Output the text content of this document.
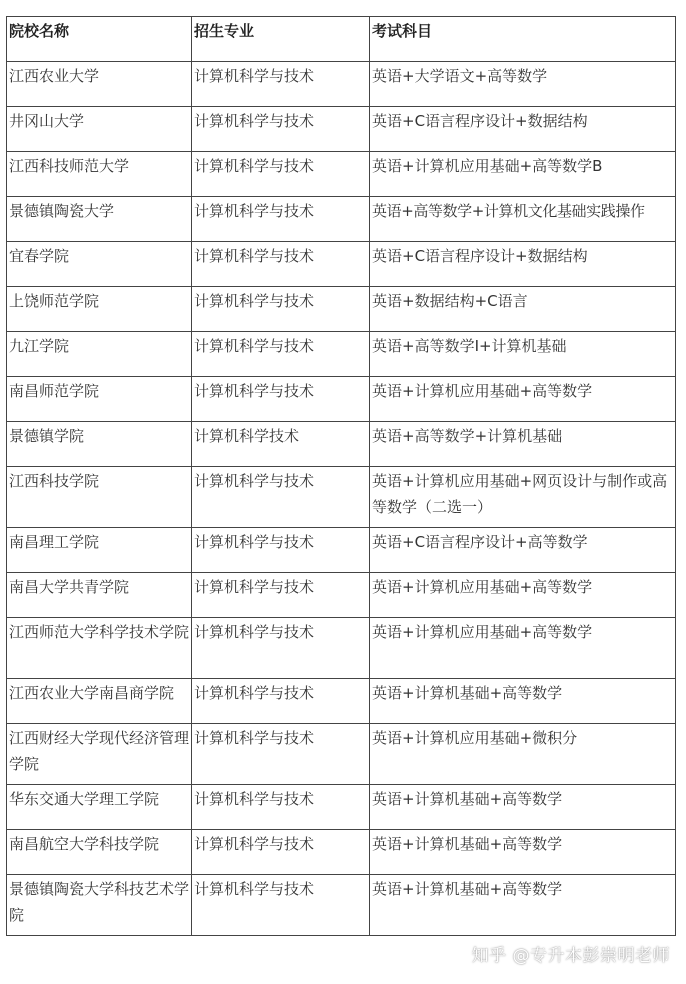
院校名称	招生专业	考试科目
江西农业大学	计算机科学与技术	英语+大学语文+高等数学
井冈山大学	计算机科学与技术	英语+C语言程序设计+数据结构
江西科技师范大学	计算机科学与技术	英语+计算机应用基础+高等数学B
景德镇陶瓷大学	计算机科学与技术	英语+高等数学+计算机文化基础实践操作
宜春学院	计算机科学与技术	英语+C语言程序设计+数据结构
上饶师范学院	计算机科学与技术	英语+数据结构+C语言
九江学院	计算机科学与技术	英语+高等数学Ⅰ+计算机基础
南昌师范学院	计算机科学与技术	英语+计算机应用基础+高等数学
景德镇学院	计算机科学技术	英语+高等数学+计算机基础
江西科技学院	计算机科学与技术	英语+计算机应用基础+网页设计与制作或高等数学（二选一）
南昌理工学院	计算机科学与技术	英语+C语言程序设计+高等数学
南昌大学共青学院	计算机科学与技术	英语+计算机应用基础+高等数学
江西师范大学科学技术学院	计算机科学与技术	英语+计算机应用基础+高等数学
江西农业大学南昌商学院	计算机科学与技术	英语+计算机基础+高等数学
江西财经大学现代经济管理学院	计算机科学与技术	英语+计算机应用基础+微积分
华东交通大学理工学院	计算机科学与技术	英语+计算机基础+高等数学
南昌航空大学科技学院	计算机科学与技术	英语+计算机基础+高等数学
景德镇陶瓷大学科技艺术学院	计算机科学与技术	英语+计算机基础+高等数学
知乎 @专升本彭崇明老师
